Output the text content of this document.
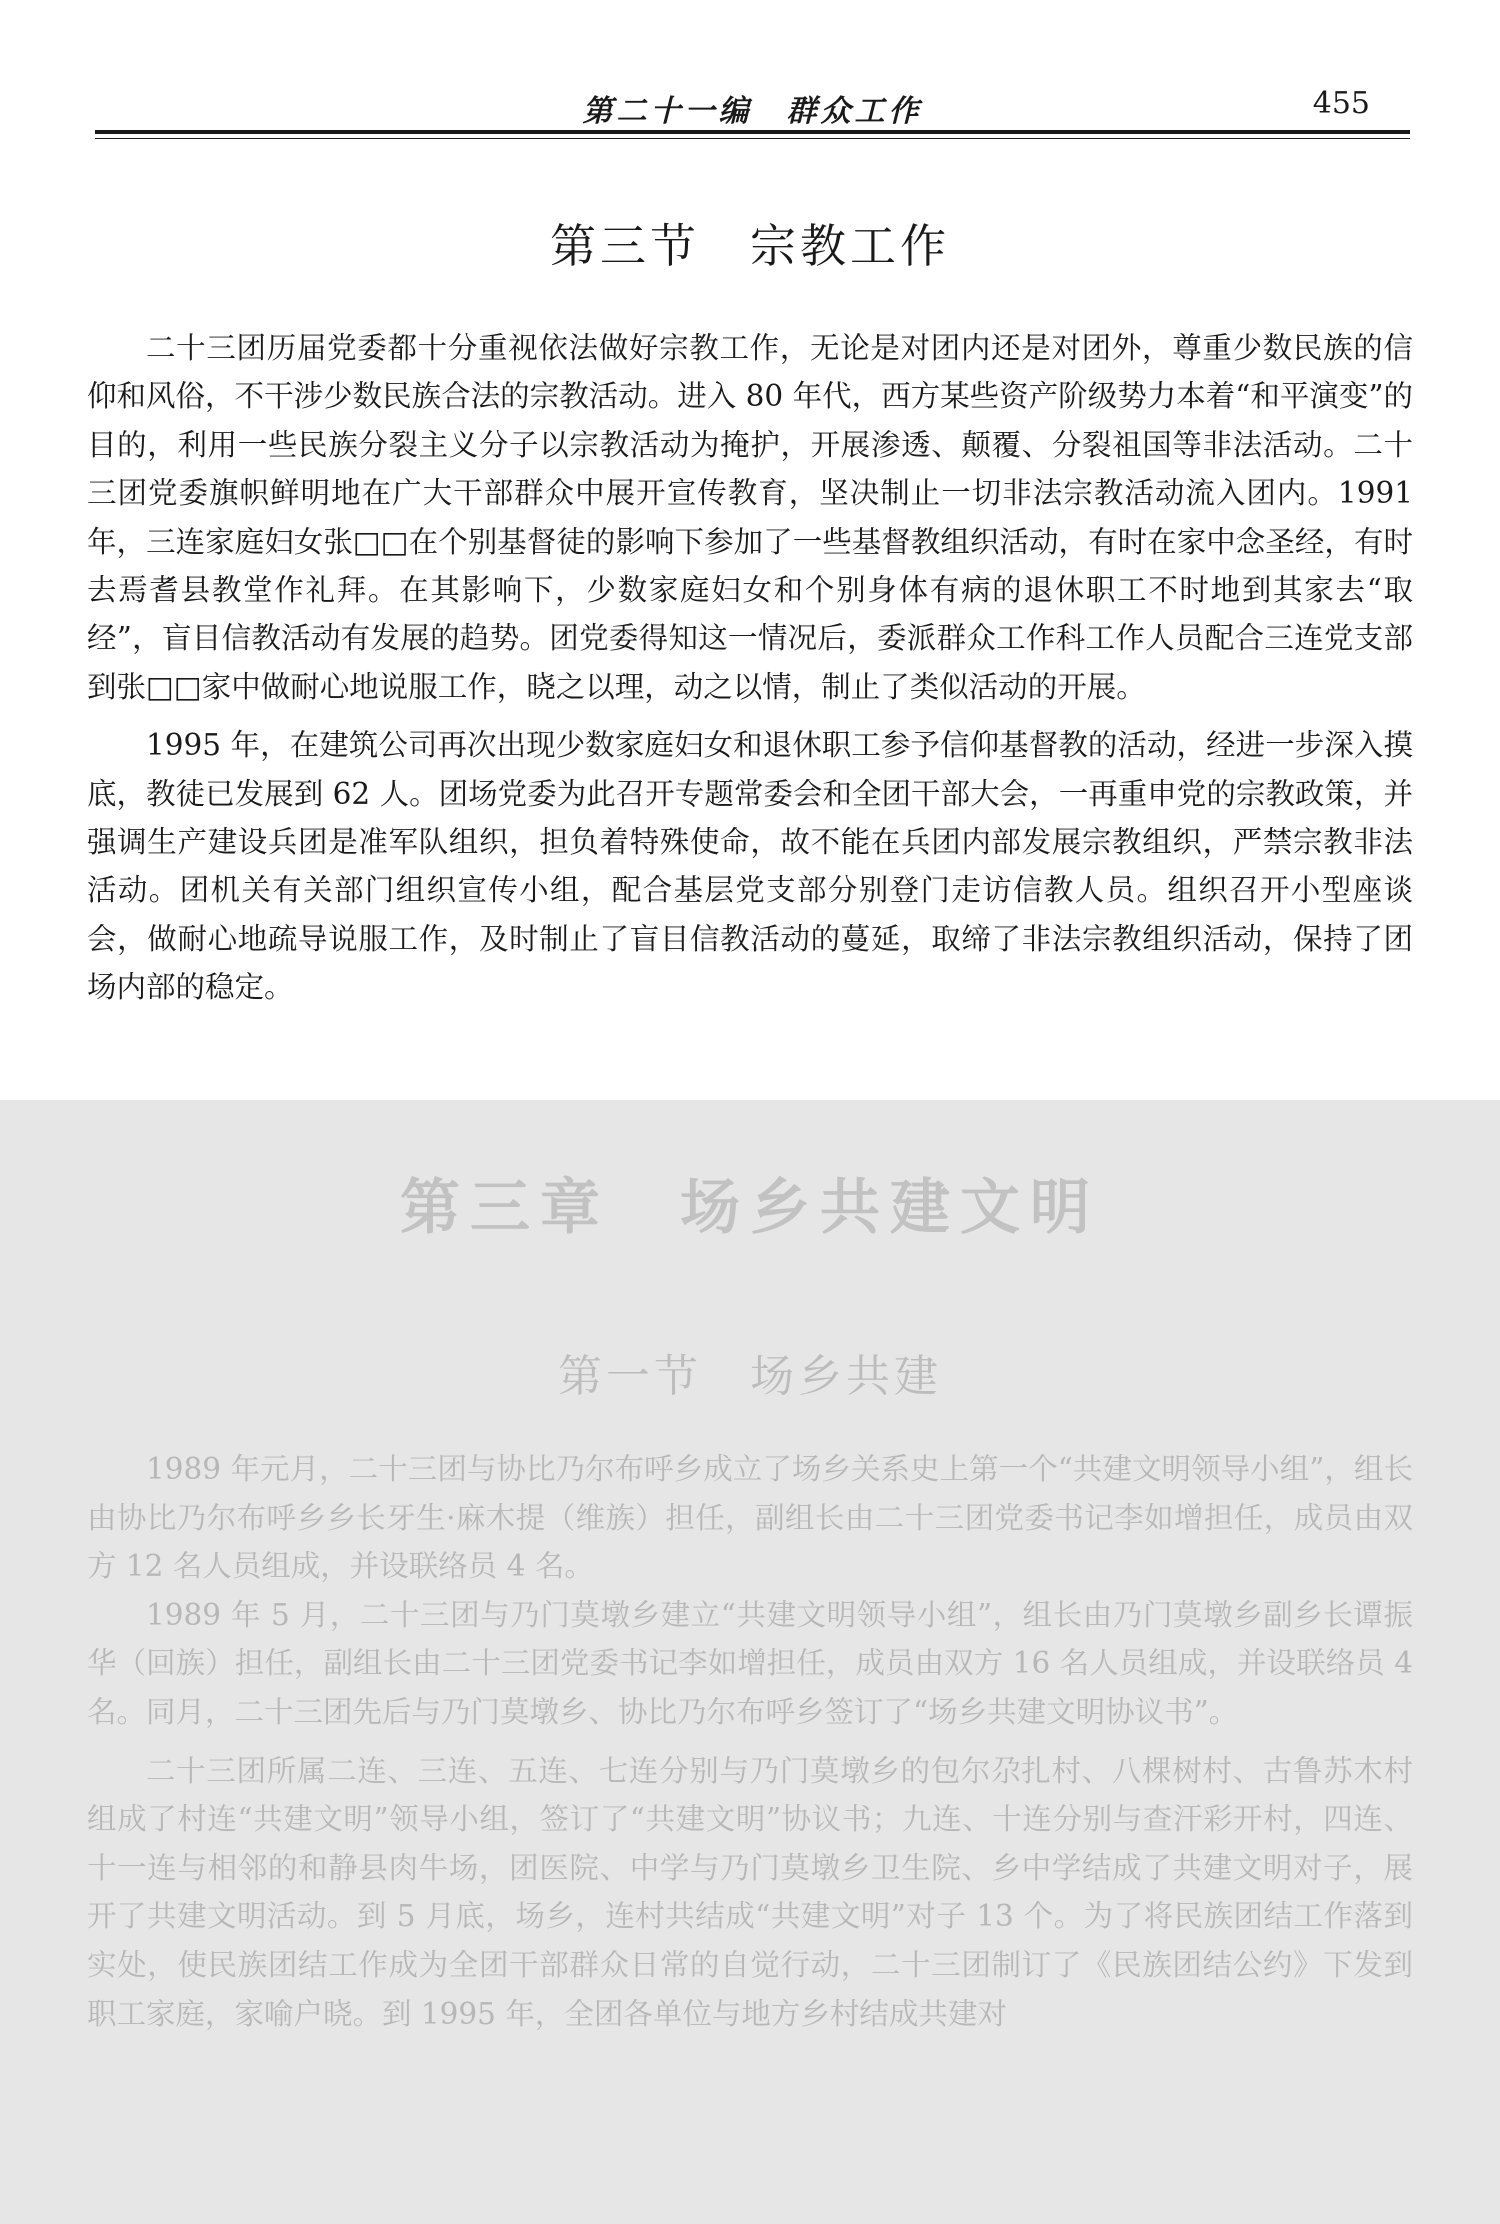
第二十一编　群众工作	455
第三节　宗教工作

二十三团历届党委都十分重视依法做好宗教工作，无论是对团内还是对团外，尊重少数民族的信仰和风俗，不干涉少数民族合法的宗教活动。进入 80 年代，西方某些资产阶级势力本着“和平演变”的目的，利用一些民族分裂主义分子以宗教活动为掩护，开展渗透、颠覆、分裂祖国等非法活动。二十三团党委旗帜鲜明地在广大干部群众中展开宣传教育，坚决制止一切非法宗教活动流入团内。1991 年，三连家庭妇女张□□在个别基督徒的影响下参加了一些基督教组织活动，有时在家中念圣经，有时去焉耆县教堂作礼拜。在其影响下，少数家庭妇女和个别身体有病的退休职工不时地到其家去“取经”，盲目信教活动有发展的趋势。团党委得知这一情况后，委派群众工作科工作人员配合三连党支部到张□□家中做耐心地说服工作，晓之以理，动之以情，制止了类似活动的开展。

1995 年，在建筑公司再次出现少数家庭妇女和退休职工参予信仰基督教的活动，经进一步深入摸底，教徒已发展到 62 人。团场党委为此召开专题常委会和全团干部大会，一再重申党的宗教政策，并强调生产建设兵团是准军队组织，担负着特殊使命，故不能在兵团内部发展宗教组织，严禁宗教非法活动。团机关有关部门组织宣传小组，配合基层党支部分别登门走访信教人员。组织召开小型座谈会，做耐心地疏导说服工作，及时制止了盲目信教活动的蔓延，取缔了非法宗教组织活动，保持了团场内部的稳定。

第三章　场乡共建文明
第一节　场乡共建

1989 年元月，二十三团与协比乃尔布呼乡成立了场乡关系史上第一个“共建文明领导小组”，组长由协比乃尔布呼乡乡长牙生·麻木提（维族）担任，副组长由二十三团党委书记李如增担任，成员由双方 12 名人员组成，并设联络员 4 名。

1989 年 5 月，二十三团与乃门莫墩乡建立“共建文明领导小组”，组长由乃门莫墩乡副乡长谭振华（回族）担任，副组长由二十三团党委书记李如增担任，成员由双方 16 名人员组成，并设联络员 4 名。同月，二十三团先后与乃门莫墩乡、协比乃尔布呼乡签订了“场乡共建文明协议书”。

二十三团所属二连、三连、五连、七连分别与乃门莫墩乡的包尔尕扎村、八棵树村、古鲁苏木村组成了村连“共建文明”领导小组，签订了“共建文明”协议书；九连、十连分别与查汗彩开村，四连、十一连与相邻的和静县肉牛场，团医院、中学与乃门莫墩乡卫生院、乡中学结成了共建文明对子，展开了共建文明活动。到 5 月底，场乡，连村共结成“共建文明”对子 13 个。为了将民族团结工作落到实处，使民族团结工作成为全团干部群众日常的自觉行动，二十三团制订了《民族团结公约》下发到职工家庭，家喻户晓。到 1995 年，全团各单位与地方乡村结成共建对
